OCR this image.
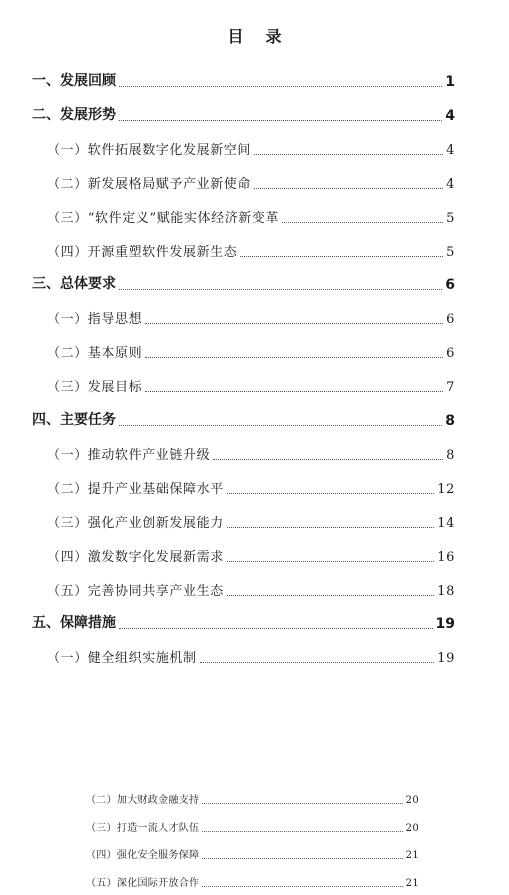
目 录
一、发展回顾	1
二、发展形势	4
（一）软件拓展数字化发展新空间	4
（二）新发展格局赋予产业新使命	4
（三）“软件定义”赋能实体经济新变革	5
（四）开源重塑软件发展新生态	5
三、总体要求	6
（一）指导思想	6
（二）基本原则	6
（三）发展目标	7
四、主要任务	8
（一）推动软件产业链升级	8
（二）提升产业基础保障水平	12
（三）强化产业创新发展能力	14
（四）激发数字化发展新需求	16
（五）完善协同共享产业生态	18
五、保障措施	19
（一）健全组织实施机制	19
（二）加大财政金融支持	20
（三）打造一流人才队伍	20
（四）强化安全服务保障	21
（五）深化国际开放合作	21
